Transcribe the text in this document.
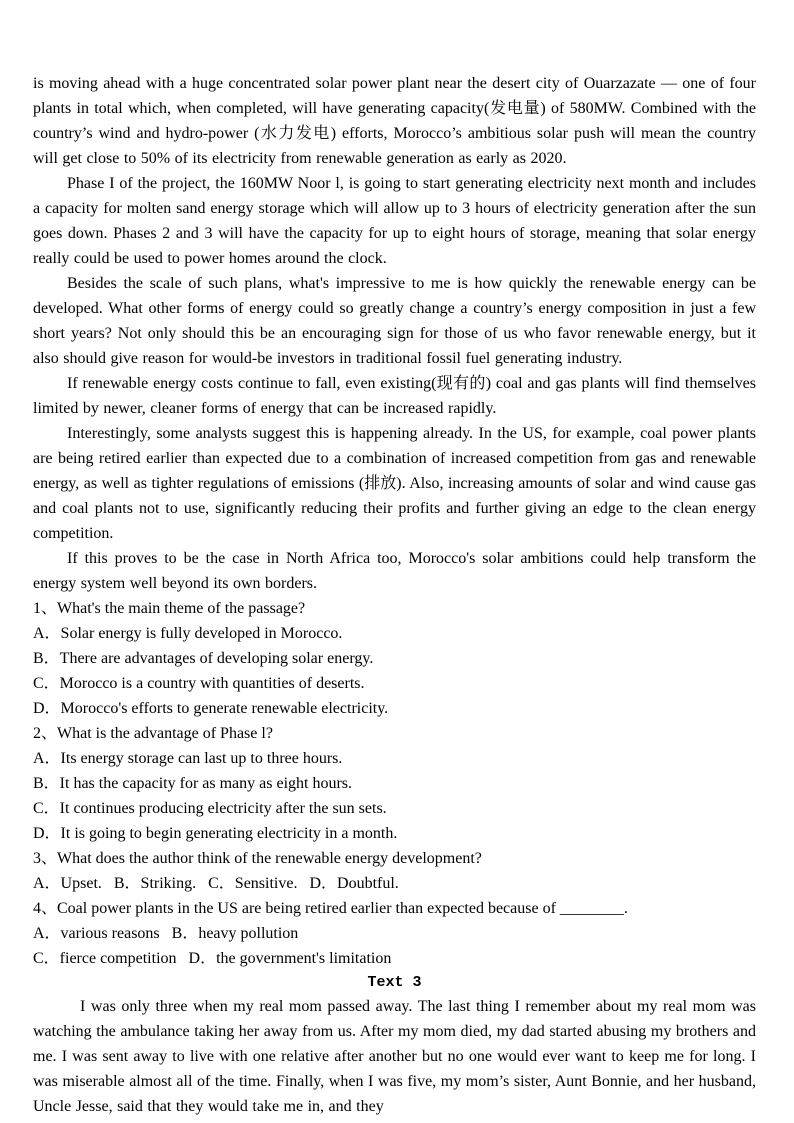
is moving ahead with a huge concentrated solar power plant near the desert city of Ouarzazate — one of four plants in total which, when completed, will have generating capacity(发电量) of 580MW. Combined with the country’s wind and hydro-power (水力发电) efforts, Morocco’s ambitious solar push will mean the country will get close to 50% of its electricity from renewable generation as early as 2020.

Phase I of the project, the 160MW Noor l, is going to start generating electricity next month and includes a capacity for molten sand energy storage which will allow up to 3 hours of electricity generation after the sun goes down. Phases 2 and 3 will have the capacity for up to eight hours of storage, meaning that solar energy really could be used to power homes around the clock.

Besides the scale of such plans, what's impressive to me is how quickly the renewable energy can be developed. What other forms of energy could so greatly change a country’s energy composition in just a few short years? Not only should this be an encouraging sign for those of us who favor renewable energy, but it also should give reason for would-be investors in traditional fossil fuel generating industry.

If renewable energy costs continue to fall, even existing(现有的) coal and gas plants will find themselves limited by newer, cleaner forms of energy that can be increased rapidly.

Interestingly, some analysts suggest this is happening already. In the US, for example, coal power plants are being retired earlier than expected due to a combination of increased competition from gas and renewable energy, as well as tighter regulations of emissions (排放). Also, increasing amounts of solar and wind cause gas and coal plants not to use, significantly reducing their profits and further giving an edge to the clean energy competition.

If this proves to be the case in North Africa too, Morocco's solar ambitions could help transform the energy system well beyond its own borders.

1、What's the main theme of the passage?

A．Solar energy is fully developed in Morocco.

B．There are advantages of developing solar energy.

C．Morocco is a country with quantities of deserts.

D．Morocco's efforts to generate renewable electricity.

2、What is the advantage of Phase l?

A．Its energy storage can last up to three hours.

B．It has the capacity for as many as eight hours.

C．It continues producing electricity after the sun sets.

D．It is going to begin generating electricity in a month.

3、What does the author think of the renewable energy development?

A．Upset.   B．Striking.   C．Sensitive.   D．Doubtful.

4、Coal power plants in the US are being retired earlier than expected because of ________.

A．various reasons   B．heavy pollution

C．fierce competition   D．the government's limitation

Text 3

I was only three when my real mom passed away. The last thing I remember about my real mom was watching the ambulance taking her away from us. After my mom died, my dad started abusing my brothers and me. I was sent away to live with one relative after another but no one would ever want to keep me for long. I was miserable almost all of the time. Finally, when I was five, my mom’s sister, Aunt Bonnie, and her husband, Uncle Jesse, said that they would take me in, and they
